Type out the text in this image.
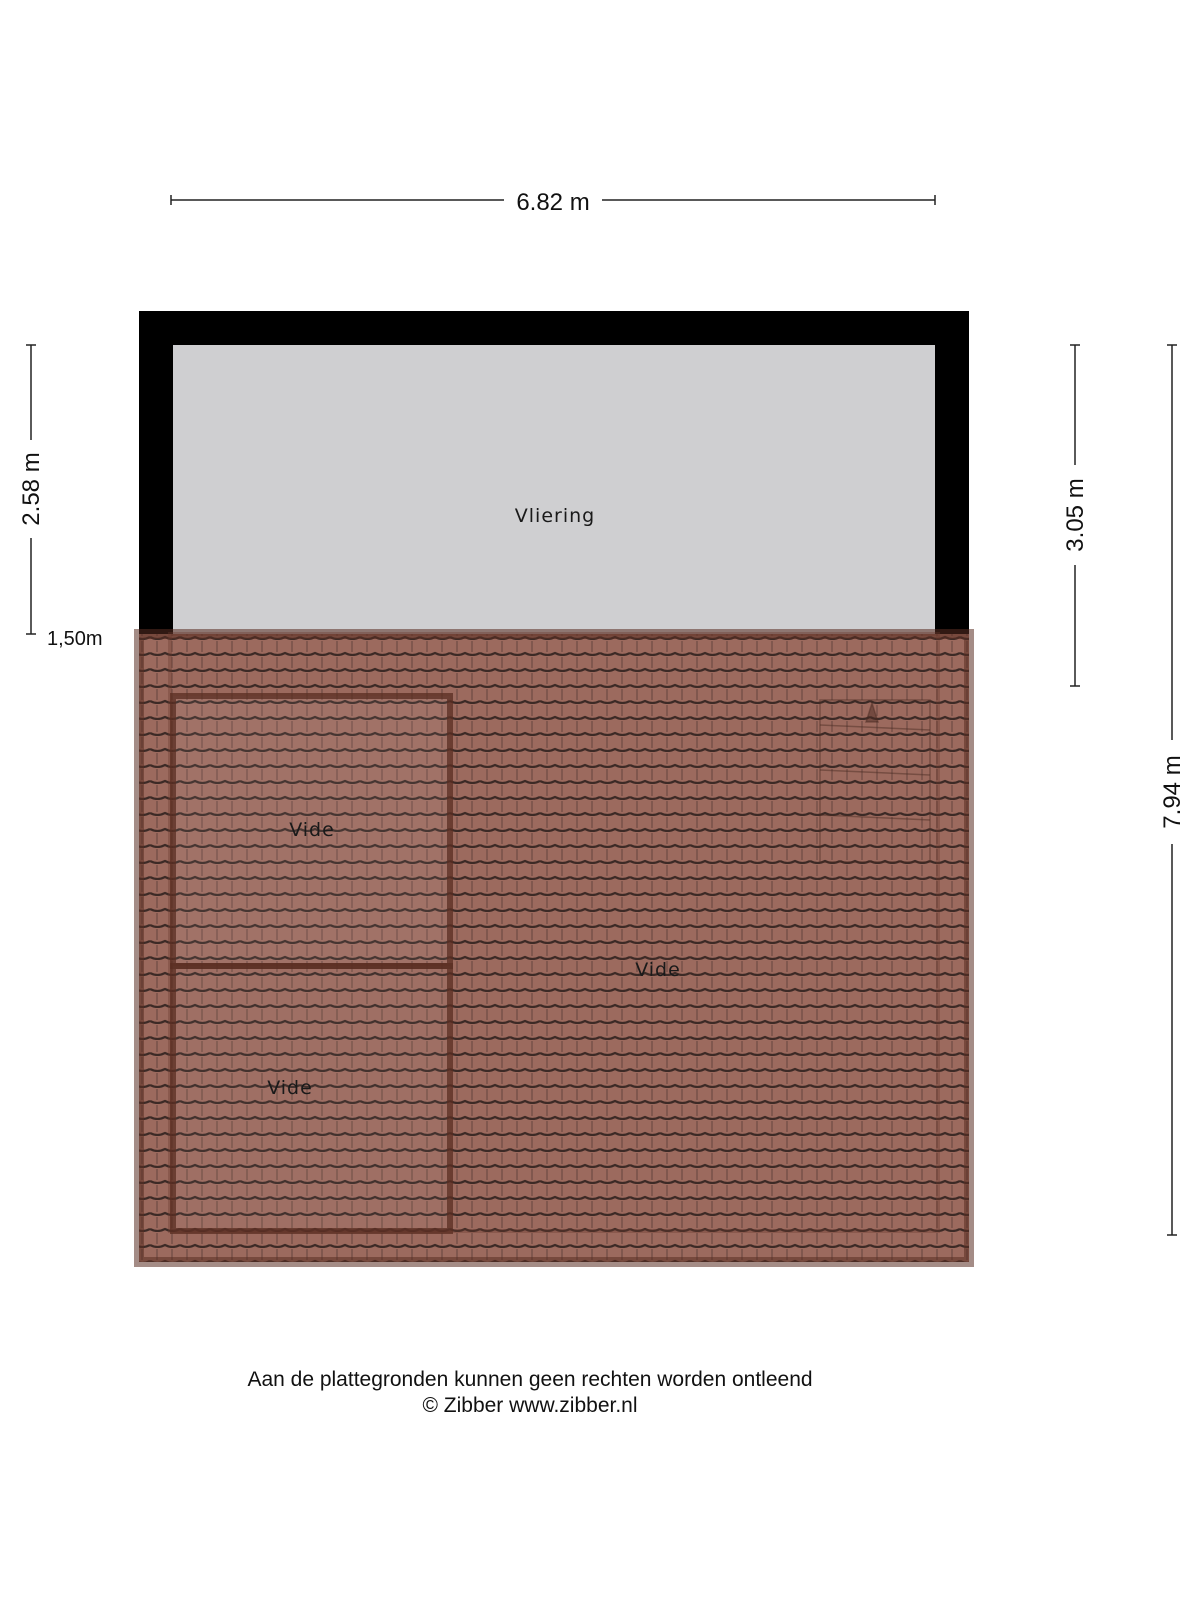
6.82 m
2.58 m
1,50m
3.05 m
7.94 m
Vliering
Vide
Vide
Vide
Aan de plattegronden kunnen geen rechten worden ontleend
© Zibber www.zibber.nl
